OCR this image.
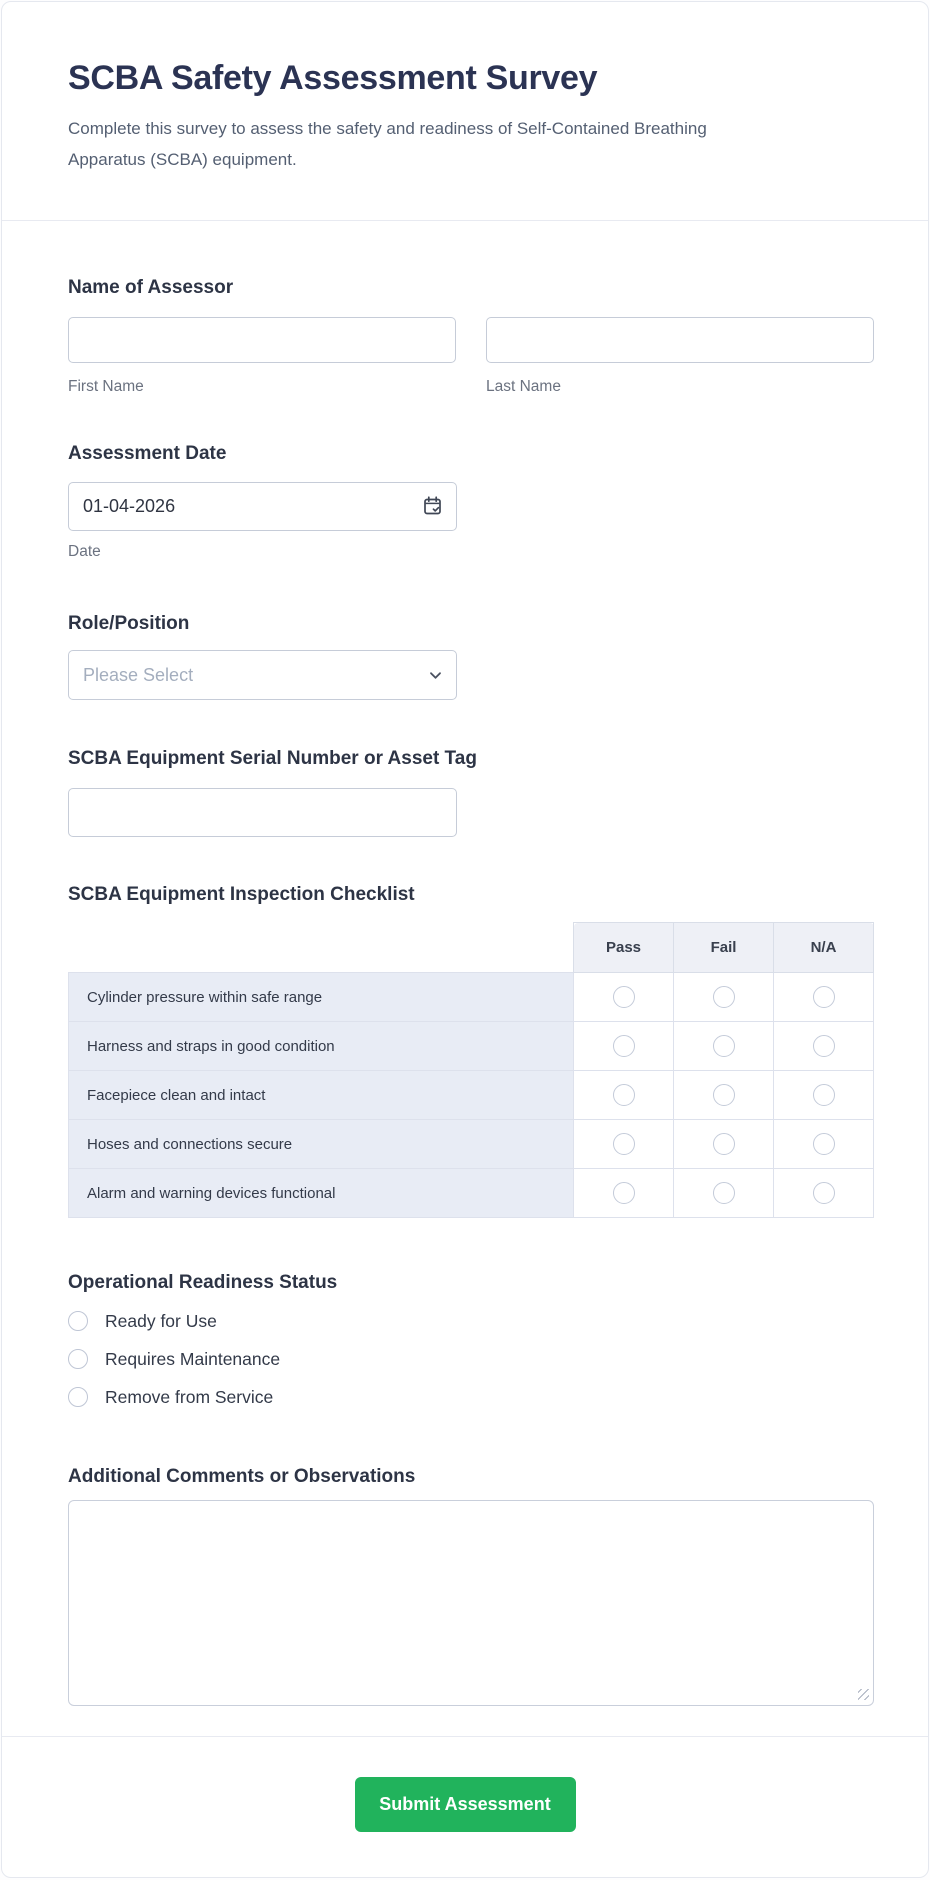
SCBA Safety Assessment Survey

Complete this survey to assess the safety and readiness of Self-Contained Breathing Apparatus (SCBA) equipment.

Name of Assessor
First Name	Last Name
Assessment Date
01-04-2026
Date
Role/Position
Please Select
SCBA Equipment Serial Number or Asset Tag
SCBA Equipment Inspection Checklist
	Pass	Fail	N/A
Cylinder pressure within safe range			
Harness and straps in good condition			
Facepiece clean and intact			
Hoses and connections secure			
Alarm and warning devices functional			
Operational Readiness Status
Ready for Use
Requires Maintenance
Remove from Service
Additional Comments or Observations
Submit Assessment
